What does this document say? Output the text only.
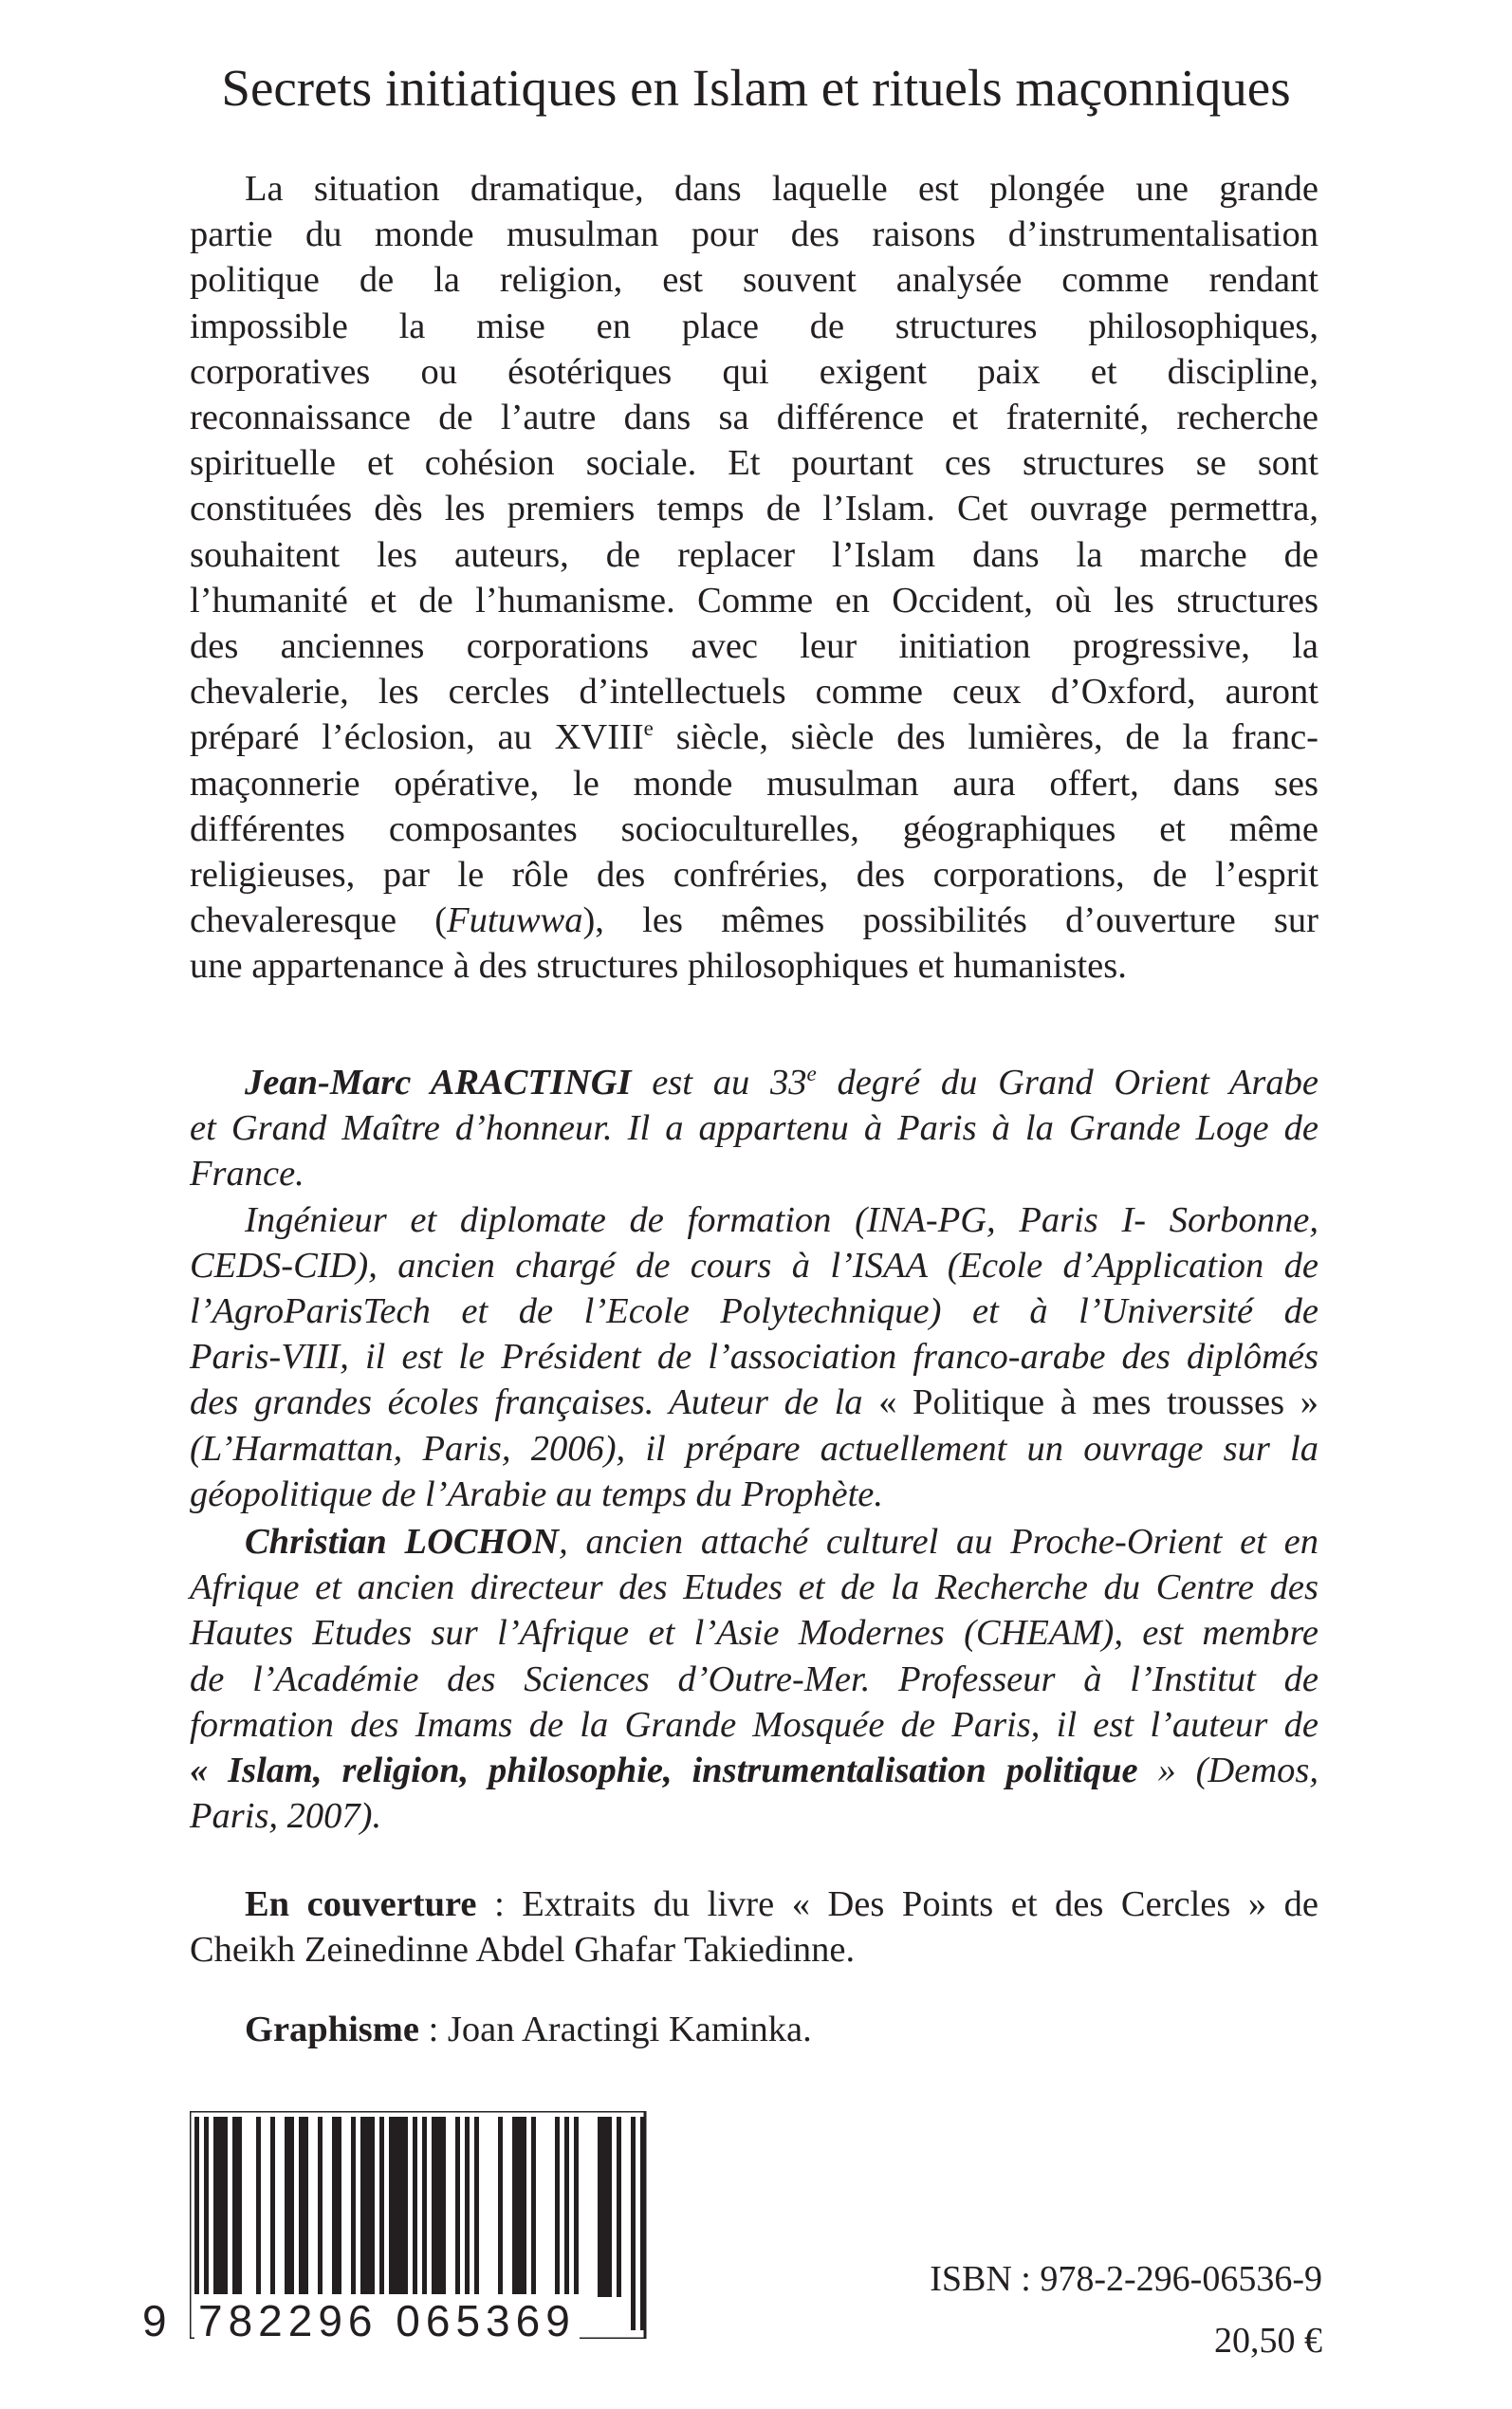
Secrets initiatiques en Islam et rituels maçonniques
La situation dramatique, dans laquelle est plongée une grande
partie du monde musulman pour des raisons d’instrumentalisation
politique de la religion, est souvent analysée comme rendant
impossible la mise en place de structures philosophiques,
corporatives ou ésotériques qui exigent paix et discipline,
reconnaissance de l’autre dans sa différence et fraternité, recherche
spirituelle et cohésion sociale. Et pourtant ces structures se sont
constituées dès les premiers temps de l’Islam. Cet ouvrage permettra,
souhaitent les auteurs, de replacer l’Islam dans la marche de
l’humanité et de l’humanisme. Comme en Occident, où les structures
des anciennes corporations avec leur initiation progressive, la
chevalerie, les cercles d’intellectuels comme ceux d’Oxford, auront
préparé l’éclosion, au XVIIIe siècle, siècle des lumières, de la franc-
maçonnerie opérative, le monde musulman aura offert, dans ses
différentes composantes socioculturelles, géographiques et même
religieuses, par le rôle des confréries, des corporations, de l’esprit
chevaleresque (Futuwwa), les mêmes possibilités d’ouverture sur
une appartenance à des structures philosophiques et humanistes.
Jean-Marc ARACTINGI est au 33e degré du Grand Orient Arabe
et Grand Maître d’honneur. Il a appartenu à Paris à la Grande Loge de
France.
Ingénieur et diplomate de formation (INA-PG, Paris I- Sorbonne,
CEDS-CID), ancien chargé de cours à l’ISAA (Ecole d’Application de
l’AgroParisTech et de l’Ecole Polytechnique) et à l’Université de
Paris-VIII, il est le Président de l’association franco-arabe des diplômés
des grandes écoles françaises. Auteur de la « Politique à mes trousses »
(L’Harmattan, Paris, 2006), il prépare actuellement un ouvrage sur la
géopolitique de l’Arabie au temps du Prophète.
Christian LOCHON, ancien attaché culturel au Proche-Orient et en
Afrique et ancien directeur des Etudes et de la Recherche du Centre des
Hautes Etudes sur l’Afrique et l’Asie Modernes (CHEAM), est membre
de l’Académie des Sciences d’Outre-Mer. Professeur à l’Institut de
formation des Imams de la Grande Mosquée de Paris, il est l’auteur de
« Islam, religion, philosophie, instrumentalisation politique » (Demos,
Paris, 2007).
En couverture : Extraits du livre « Des Points et des Cercles » de
Cheikh Zeinedinne Abdel Ghafar Takiedinne.
Graphisme : Joan Aractingi Kaminka.
9 782296 065369
ISBN : 978-2-296-06536-9
20,50 €
